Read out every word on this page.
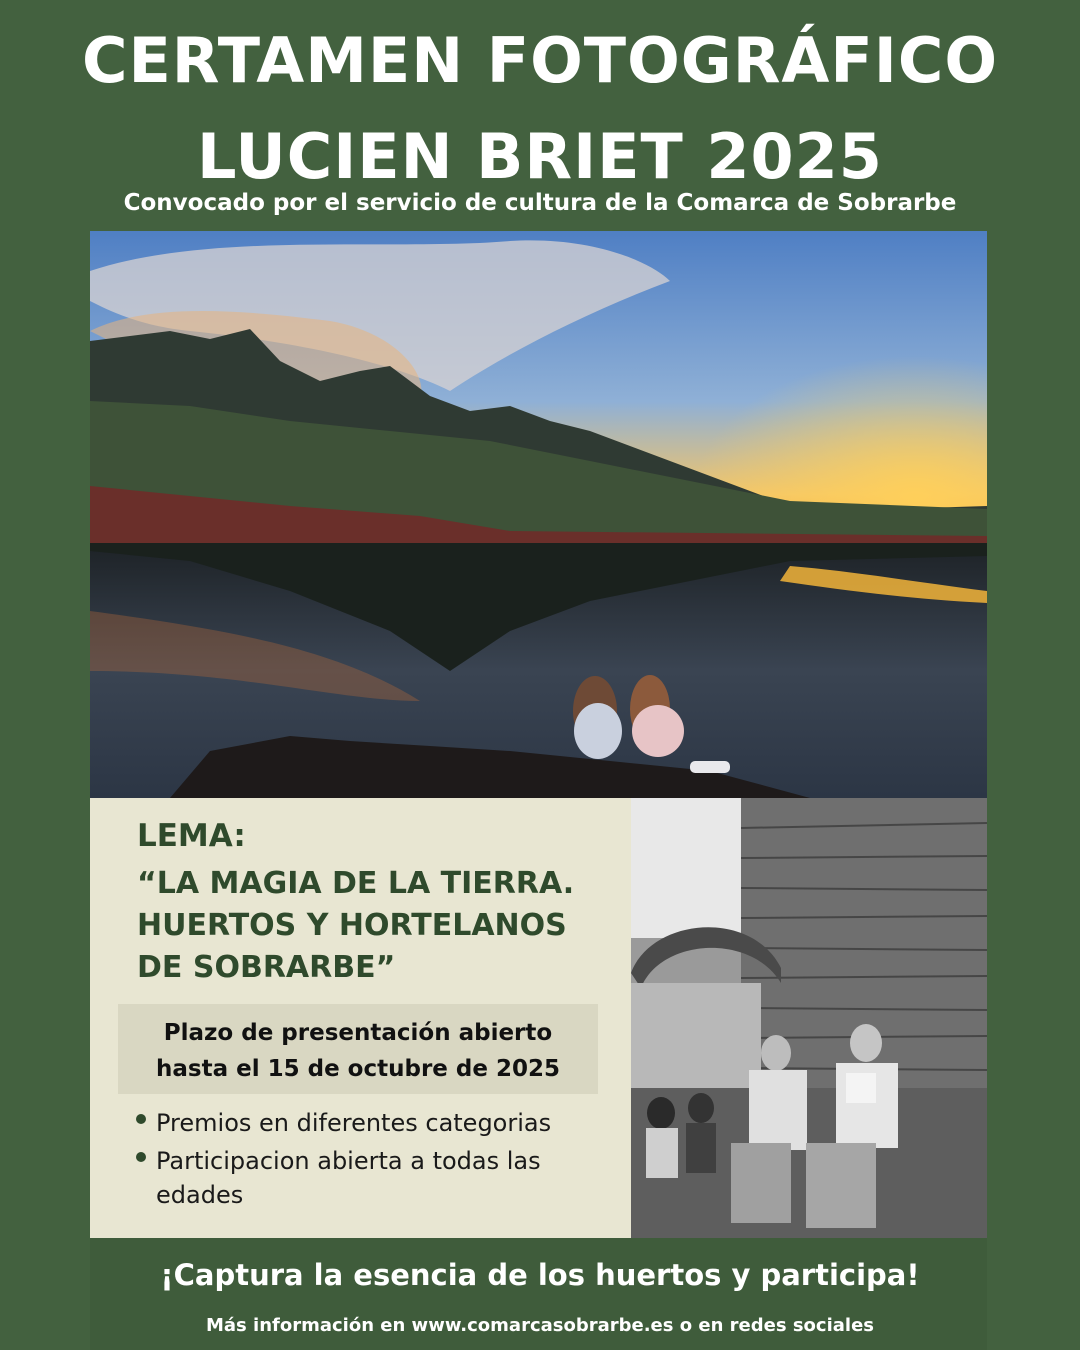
CERTAMEN FOTOGRÁFICO
LUCIEN BRIET 2025
Convocado por el servicio de cultura de la Comarca de Sobrarbe
LEMA:
“LA MAGIA DE LA TIERRA.
HUERTOS Y HORTELANOS
DE SOBRARBE”
Plazo de presentación abierto
hasta el 15 de octubre de 2025
Premios en diferentes categorias
Participacion abierta a todas las edades
¡Captura la esencia de los huertos y participa!
Más información en www.comarcasobrarbe.es o en redes sociales
